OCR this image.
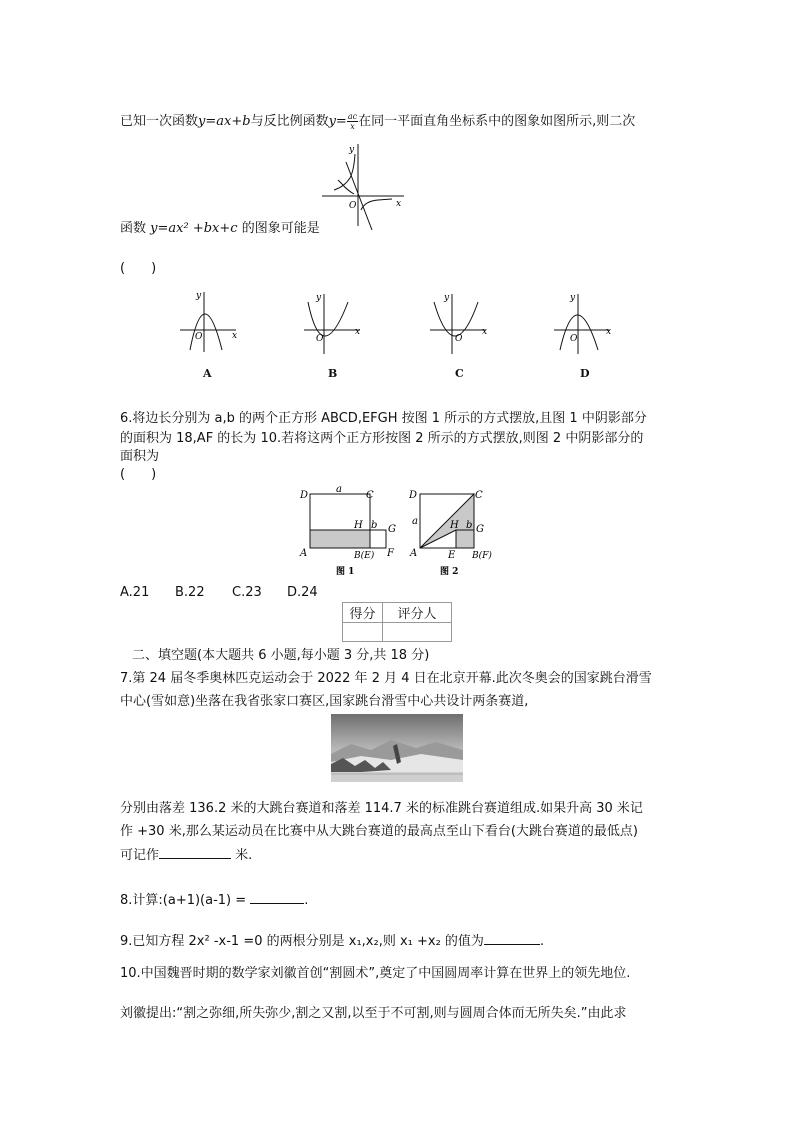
已知一次函数y=ax+b与反比例函数$y= \frac{ac}{x}$ 在同一平面直角坐标系中的图象如图所示,则二次
y
O	x
函数 y=ax² +bx+c 的图象可能是
(　　)
y
O	x
y
O
x
y
O
x
y
O
x
A	B	C	D
6.将边长分别为 a,b 的两个正方形 ABCD,EFGH 按图 1 所示的方式摆放,且图 1 中阴影部分
的面积为 18,AF 的长为 10.若将这两个正方形按图 2 所示的方式摆放,则图 2 中阴影部分的
面积为
(　　)
D
a
C
H b G
A	B(E) F
图 1
D	C
a	H b G
A	E B(F)
图 2
A.21 B.22 C.23 D.24
得分	评分人

二、填空题(本大题共 6 小题,每小题 3 分,共 18 分)
7.第 24 届冬季奥林匹克运动会于 2022 年 2 月 4 日在北京开幕.此次冬奥会的国家跳台滑雪
中心(雪如意)坐落在我省张家口赛区,国家跳台滑雪中心共设计两条赛道,
分别由落差 136.2 米的大跳台赛道和落差 114.7 米的标准跳台赛道组成.如果升高 30 米记
作 +30 米,那么某运动员在比赛中从大跳台赛道的最高点至山下看台(大跳台赛道的最低点)
可记作	米.
8.计算:(a+1)(a-1) =	.
9.已知方程 2x² -x-1 =0 的两根分别是 x₁,x₂,则 x₁ +x₂ 的值为	.
10.中国魏晋时期的数学家刘徽首创“割圆术”,奠定了中国圆周率计算在世界上的领先地位.
刘徽提出:“割之弥细,所失弥少,割之又割,以至于不可割,则与圆周合体而无所失矣.”由此求
